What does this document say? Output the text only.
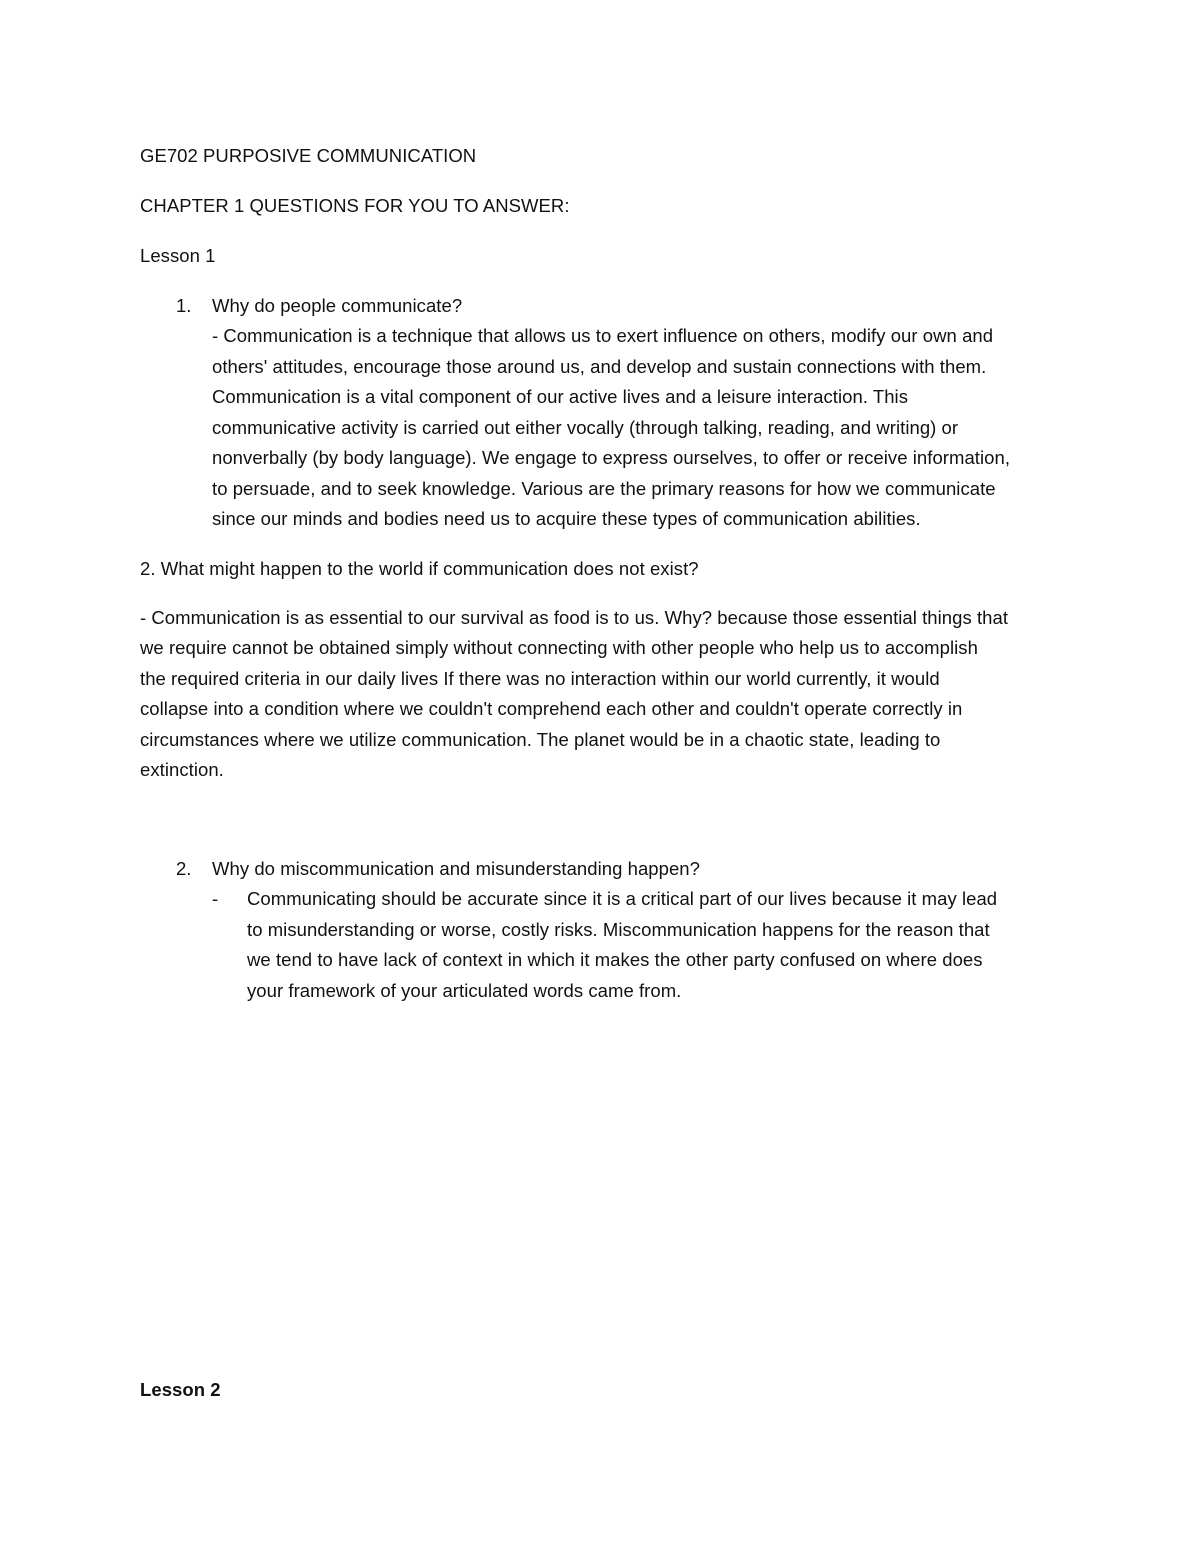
GE702 PURPOSIVE COMMUNICATION
CHAPTER 1 QUESTIONS FOR YOU TO ANSWER:
Lesson 1
1. Why do people communicate?
- Communication is a technique that allows us to exert influence on others, modify our own and
others' attitudes, encourage those around us, and develop and sustain connections with them.
Communication is a vital component of our active lives and a leisure interaction. This
communicative activity is carried out either vocally (through talking, reading, and writing) or
nonverbally (by body language). We engage to express ourselves, to offer or receive information,
to persuade, and to seek knowledge. Various are the primary reasons for how we communicate
since our minds and bodies need us to acquire these types of communication abilities.
2. What might happen to the world if communication does not exist?
- Communication is as essential to our survival as food is to us. Why? because those essential things that
we require cannot be obtained simply without connecting with other people who help us to accomplish
the required criteria in our daily lives If there was no interaction within our world currently, it would
collapse into a condition where we couldn't comprehend each other and couldn't operate correctly in
circumstances where we utilize communication. The planet would be in a chaotic state, leading to
extinction.
2. Why do miscommunication and misunderstanding happen?
- Communicating should be accurate since it is a critical part of our lives because it may lead
to misunderstanding or worse, costly risks. Miscommunication happens for the reason that
we tend to have lack of context in which it makes the other party confused on where does
your framework of your articulated words came from.
Lesson 2
